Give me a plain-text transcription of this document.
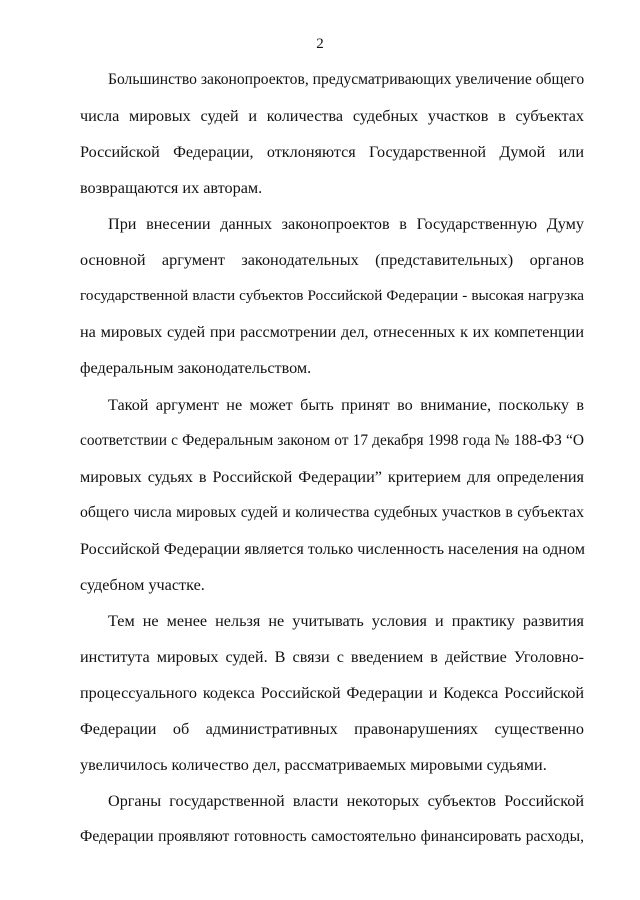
2
Большинство законопроектов, предусматривающих увеличение общего
числа мировых судей и количества судебных участков в субъектах
Российской Федерации, отклоняются Государственной Думой или
возвращаются их авторам.
При внесении данных законопроектов в Государственную Думу
основной аргумент законодательных (представительных) органов
государственной власти субъектов Российской Федерации - высокая нагрузка
на мировых судей при рассмотрении дел, отнесенных к их компетенции
федеральным законодательством.
Такой аргумент не может быть принят во внимание, поскольку в
соответствии с Федеральным законом от 17 декабря 1998 года № 188-ФЗ “О
мировых судьях в Российской Федерации” критерием для определения
общего числа мировых судей и количества судебных участков в субъектах
Российской Федерации является только численность населения на одном
судебном участке.
Тем не менее нельзя не учитывать условия и практику развития
института мировых судей. В связи с введением в действие Уголовно-
процессуального кодекса Российской Федерации и Кодекса Российской
Федерации об административных правонарушениях существенно
увеличилось количество дел, рассматриваемых мировыми судьями.
Органы государственной власти некоторых субъектов Российской
Федерации проявляют готовность самостоятельно финансировать расходы,
